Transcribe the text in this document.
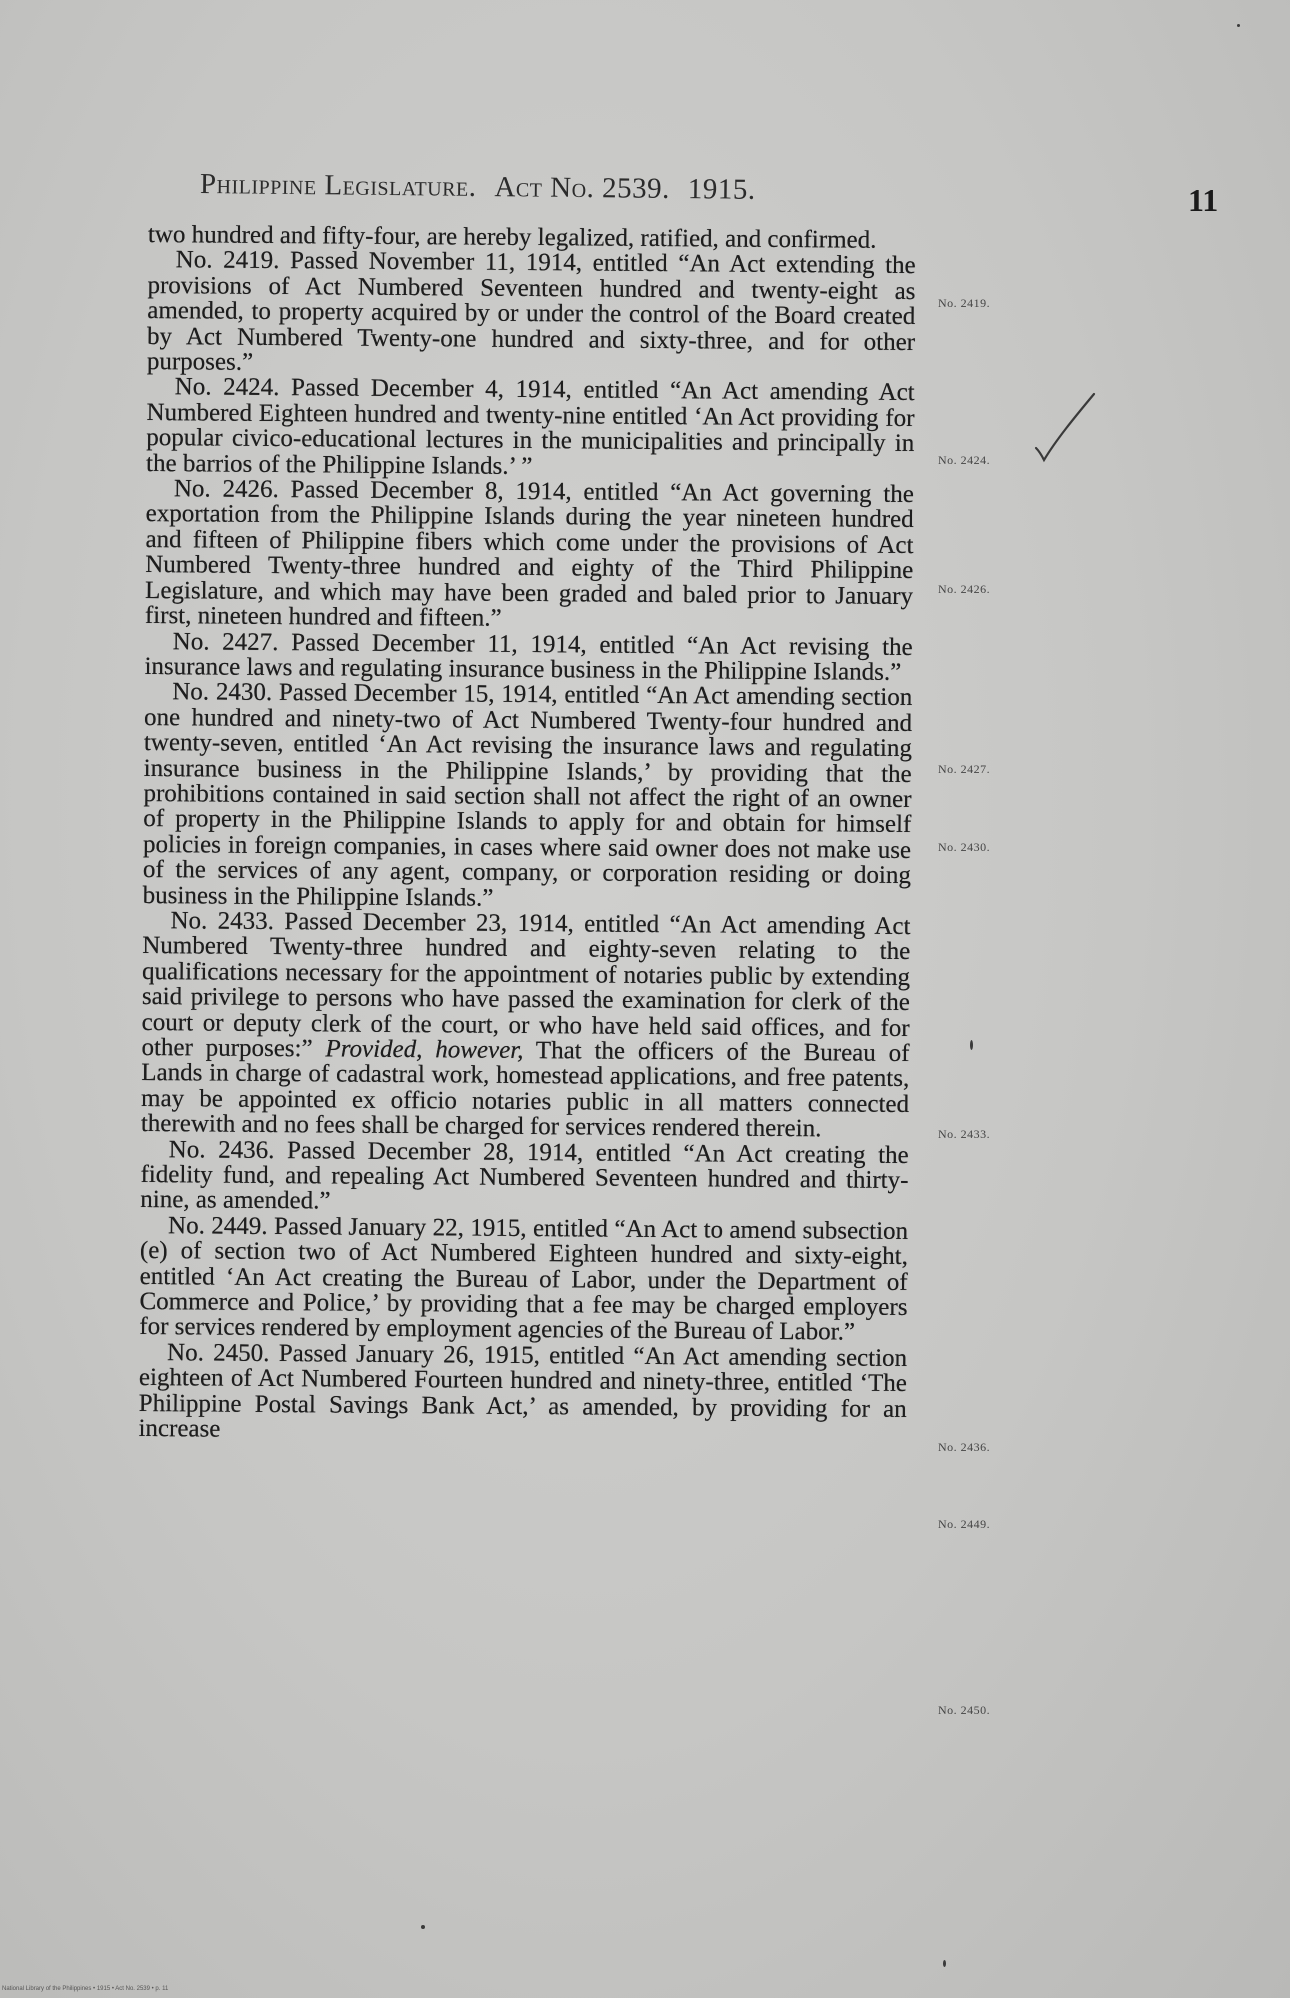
Philippine Legislature. Act No. 2539. 1915.	11

two hundred and fifty-four, are hereby legalized, ratified, and confirmed.

No. 2419. Passed November 11, 1914, entitled “An Act extending the provisions of Act Numbered Seventeen hundred and twenty-eight as amended, to property acquired by or under the control of the Board created by Act Numbered Twenty-one hundred and sixty-three, and for other purposes.”

No. 2424. Passed December 4, 1914, entitled “An Act amending Act Numbered Eighteen hundred and twenty-nine entitled ‘An Act providing for popular civico-educational lectures in the municipalities and principally in the barrios of the Philippine Islands.’ ”

No. 2426. Passed December 8, 1914, entitled “An Act governing the exportation from the Philippine Islands during the year nineteen hundred and fifteen of Philippine fibers which come under the provisions of Act Numbered Twenty-three hundred and eighty of the Third Philippine Legislature, and which may have been graded and baled prior to January first, nineteen hundred and fifteen.”

No. 2427. Passed December 11, 1914, entitled “An Act revising the insurance laws and regulating insurance business in the Philippine Islands.”

No. 2430. Passed December 15, 1914, entitled “An Act amending section one hundred and ninety-two of Act Numbered Twenty-four hundred and twenty-seven, entitled ‘An Act revising the insurance laws and regulating insurance business in the Philippine Islands,’ by providing that the prohibitions contained in said section shall not affect the right of an owner of property in the Philippine Islands to apply for and obtain for himself policies in foreign companies, in cases where said owner does not make use of the services of any agent, company, or corporation residing or doing business in the Philippine Islands.”

No. 2433. Passed December 23, 1914, entitled “An Act amending Act Numbered Twenty-three hundred and eighty-seven relating to the qualifications necessary for the appointment of notaries public by extending said privilege to persons who have passed the examination for clerk of the court or deputy clerk of the court, or who have held said offices, and for other purposes:” Provided, however, That the officers of the Bureau of Lands in charge of cadastral work, homestead applications, and free patents, may be appointed ex officio notaries public in all matters connected therewith and no fees shall be charged for services rendered therein.

No. 2436. Passed December 28, 1914, entitled “An Act creating the fidelity fund, and repealing Act Numbered Seventeen hundred and thirty-nine, as amended.”

No. 2449. Passed January 22, 1915, entitled “An Act to amend subsection (e) of section two of Act Numbered Eighteen hundred and sixty-eight, entitled ‘An Act creating the Bureau of Labor, under the Department of Commerce and Police,’ by providing that a fee may be charged employers for services rendered by employment agencies of the Bureau of Labor.”

No. 2450. Passed January 26, 1915, entitled “An Act amending section eighteen of Act Numbered Fourteen hundred and ninety-three, entitled ‘The Philippine Postal Savings Bank Act,’ as amended, by providing for an increase

No. 2419.
No. 2424.
No. 2426.
No. 2427.
No. 2430.
No. 2433.
No. 2436.
No. 2449.
No. 2450.
National Library of the Philippines • 1915 • Act No. 2539 • p. 11
